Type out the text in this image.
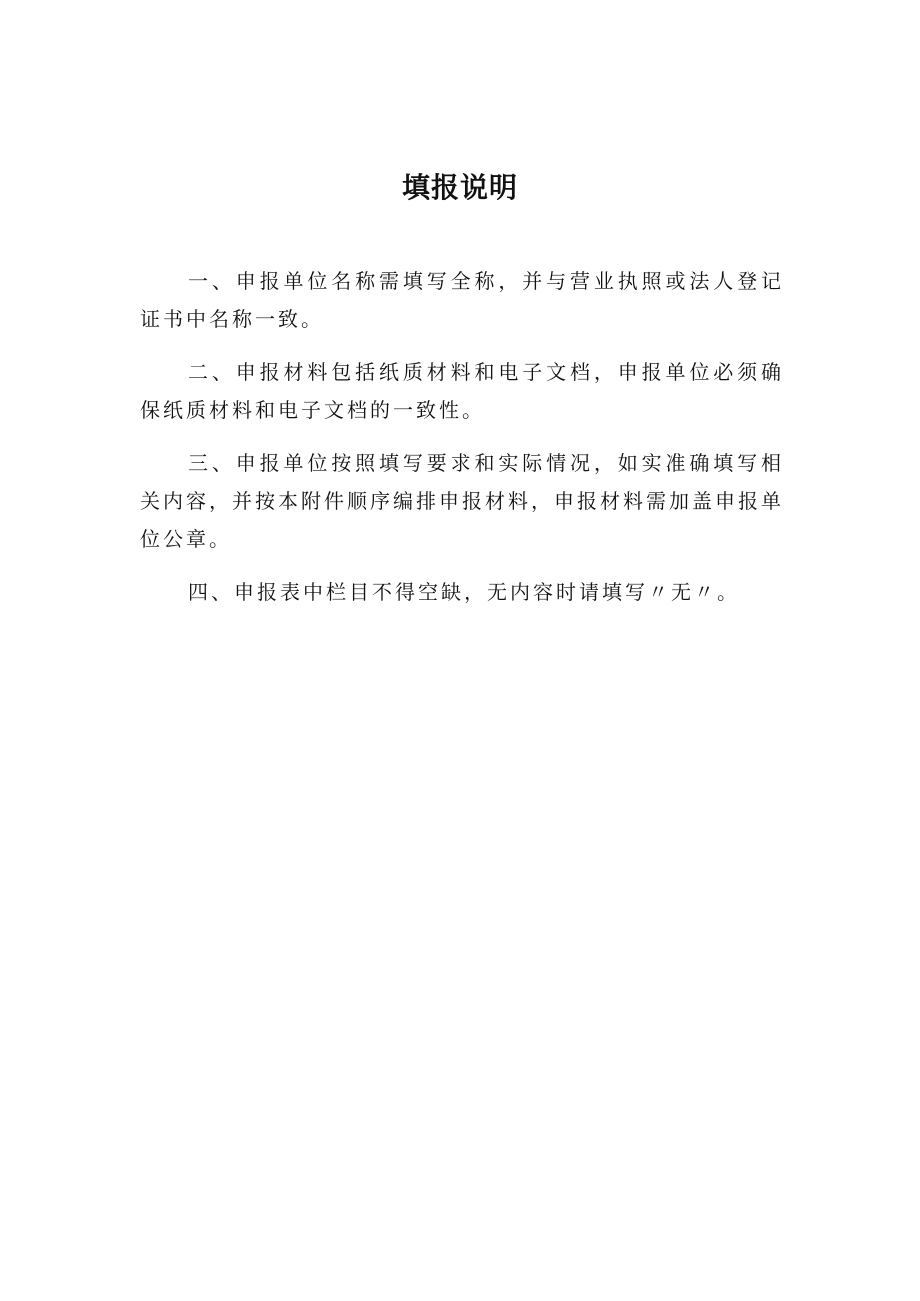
填报说明

一、申报单位名称需填写全称，并与营业执照或法人登记证书中名称一致。

二、申报材料包括纸质材料和电子文档，申报单位必须确保纸质材料和电子文档的一致性。

三、申报单位按照填写要求和实际情况，如实准确填写相关内容，并按本附件顺序编排申报材料，申报材料需加盖申报单位公章。

四、申报表中栏目不得空缺，无内容时请填写〃无〃。
